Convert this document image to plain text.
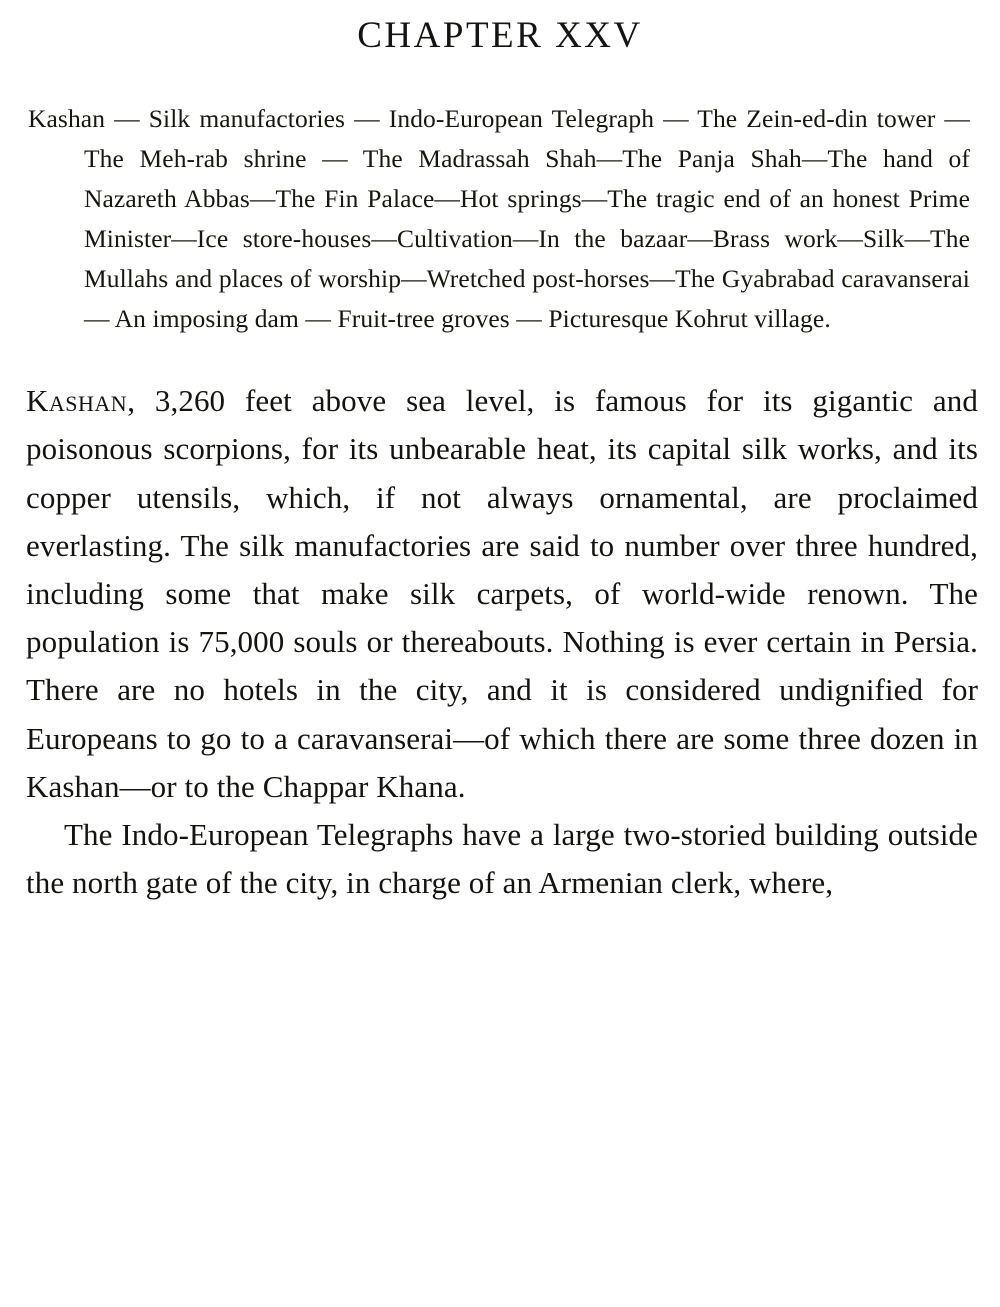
CHAPTER XXV

Kashan — Silk manufactories — Indo-European Telegraph — The Zein-ed-din tower — The Meh-rab shrine — The Madrassah Shah—The Panja Shah—The hand of Nazareth Abbas—The Fin Palace—Hot springs—The tragic end of an honest Prime Minister—Ice store-houses—Cultivation—In the bazaar—Brass work—Silk—The Mullahs and places of worship—Wretched post-horses—The Gyabrabad caravanserai — An imposing dam — Fruit-tree groves — Picturesque Kohrut village.

Kashan, 3,260 feet above sea level, is famous for its gigantic and poisonous scorpions, for its unbearable heat, its capital silk works, and its copper utensils, which, if not always ornamental, are proclaimed everlasting. The silk manufactories are said to number over three hundred, including some that make silk carpets, of world-wide renown. The population is 75,000 souls or thereabouts. Nothing is ever certain in Persia. There are no hotels in the city, and it is considered undignified for Europeans to go to a caravanserai—of which there are some three dozen in Kashan—or to the Chappar Khana.

The Indo-European Telegraphs have a large two-storied building outside the north gate of the city, in charge of an Armenian clerk, where,
